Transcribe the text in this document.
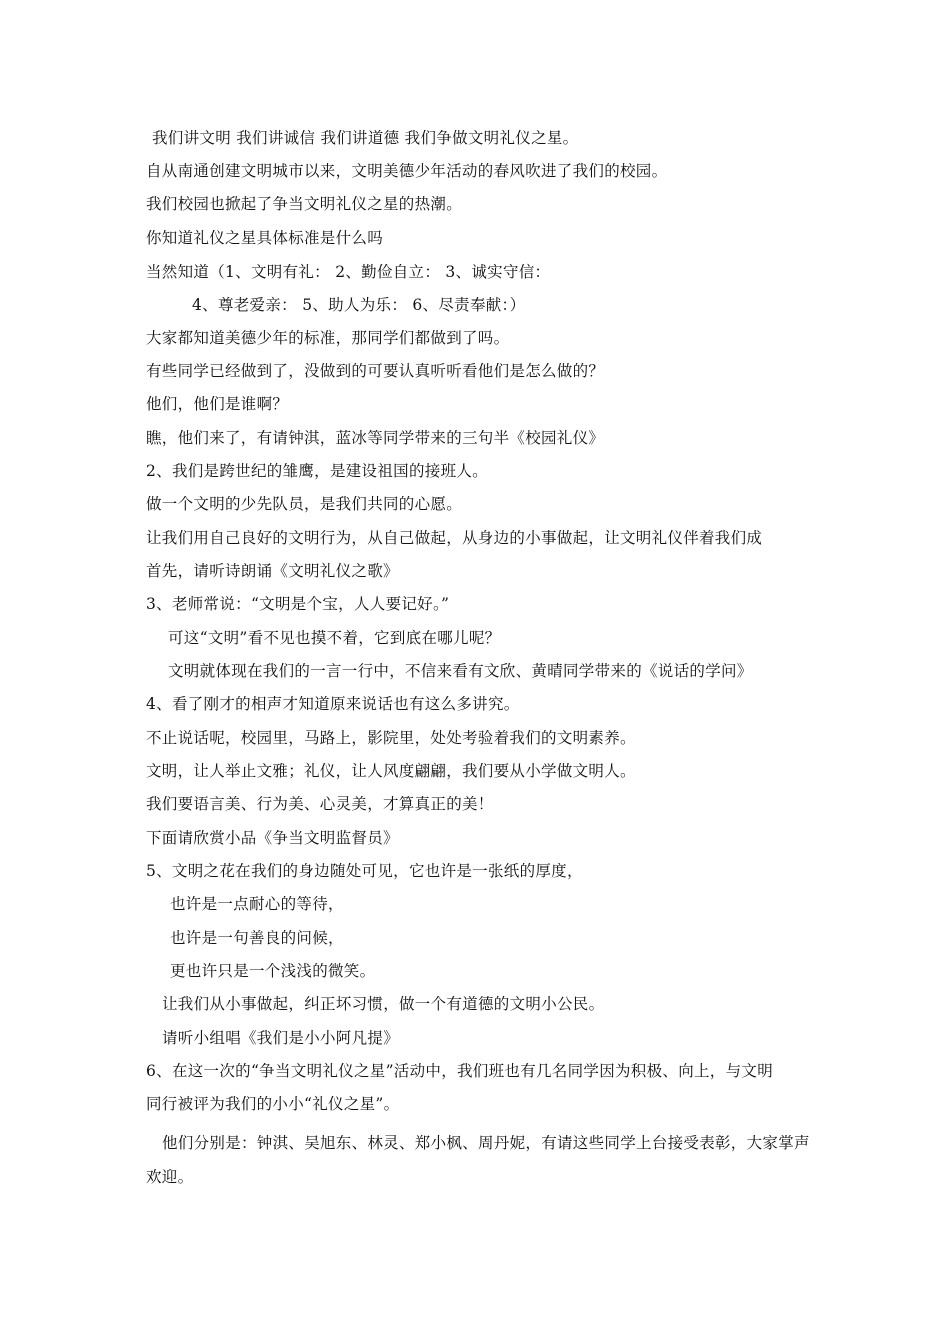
我们讲文明 我们讲诚信 我们讲道德 我们争做文明礼仪之星。
自从南通创建文明城市以来，文明美德少年活动的春风吹进了我们的校园。
我们校园也掀起了争当文明礼仪之星的热潮。
你知道礼仪之星具体标准是什么吗
当然知道（1、文明有礼： 2、勤俭自立： 3、诚实守信：
4、尊老爱亲： 5、助人为乐： 6、尽责奉献：）
大家都知道美德少年的标准，那同学们都做到了吗。
有些同学已经做到了，没做到的可要认真听听看他们是怎么做的？
他们，他们是谁啊？
瞧，他们来了，有请钟淇，蓝冰等同学带来的三句半《校园礼仪》
2、我们是跨世纪的雏鹰，是建设祖国的接班人。
做一个文明的少先队员，是我们共同的心愿。
让我们用自己良好的文明行为，从自己做起，从身边的小事做起，让文明礼仪伴着我们成
首先，请听诗朗诵《文明礼仪之歌》
3、老师常说：“文明是个宝，人人要记好。”
可这“文明”看不见也摸不着，它到底在哪儿呢？
文明就体现在我们的一言一行中，不信来看有文欣、黄晴同学带来的《说话的学问》
4、看了刚才的相声才知道原来说话也有这么多讲究。
不止说话呢，校园里，马路上，影院里，处处考验着我们的文明素养。
文明，让人举止文雅；礼仪，让人风度翩翩，我们要从小学做文明人。
我们要语言美、行为美、心灵美，才算真正的美！
下面请欣赏小品《争当文明监督员》
5、文明之花在我们的身边随处可见，它也许是一张纸的厚度，
也许是一点耐心的等待，
也许是一句善良的问候，
更也许只是一个浅浅的微笑。
让我们从小事做起，纠正坏习惯，做一个有道德的文明小公民。
请听小组唱《我们是小小阿凡提》
6、在这一次的“争当文明礼仪之星”活动中，我们班也有几名同学因为积极、向上，与文明
同行被评为我们的小小“礼仪之星”。
他们分别是：钟淇、吴旭东、林灵、郑小枫、周丹妮，有请这些同学上台接受表彰，大家掌声
欢迎。
